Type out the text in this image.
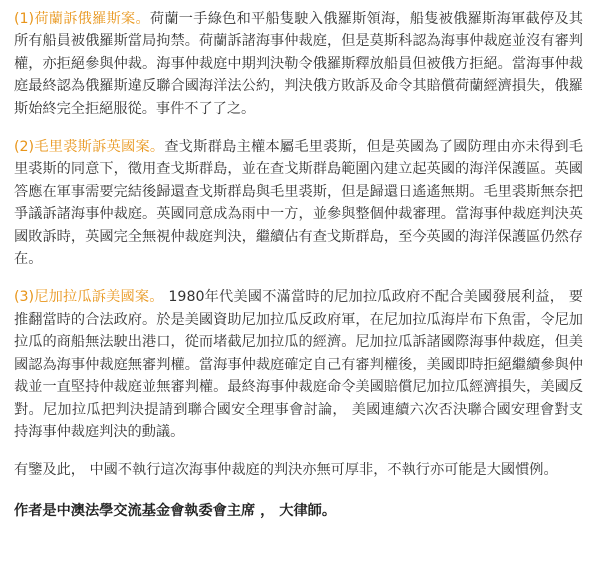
(1)荷蘭訴俄羅斯案。荷蘭一手綠色和平船隻駛入俄羅斯領海，船隻被俄羅斯海軍截停及其所有船員被俄羅斯當局拘禁。荷蘭訴諸海事仲裁庭，但是莫斯科認為海事仲裁庭並沒有審判權，亦拒絕參與仲裁。海事仲裁庭中期判決勒令俄羅斯釋放船員但被俄方拒絕。當海事仲裁庭最終認為俄羅斯違反聯合國海洋法公約，判決俄方敗訴及命令其賠償荷蘭經濟損失，俄羅斯始終完全拒絕服從。事件不了了之。

(2)毛里裘斯訴英國案。查戈斯群島主權本屬毛里裘斯，但是英國為了國防理由亦未得到毛里裘斯的同意下，徵用查戈斯群島，並在查戈斯群島範圍內建立起英國的海洋保護區。英國答應在軍事需要完結後歸還查戈斯群島與毛里裘斯，但是歸還日遙遙無期。毛里裘斯無奈把爭議訴諸海事仲裁庭。英國同意成為雨中一方，並參與整個仲裁審理。當海事仲裁庭判決英國敗訴時，英國完全無視仲裁庭判決，繼續佔有查戈斯群島，至今英國的海洋保護區仍然存在。

(3)尼加拉瓜訴美國案。 1980年代美國不滿當時的尼加拉瓜政府不配合美國發展利益， 要推翻當時的合法政府。於是美國資助尼加拉瓜反政府軍，在尼加拉瓜海岸布下魚雷，令尼加拉瓜的商船無法駛出港口，從而堵截尼加拉瓜的經濟。尼加拉瓜訴諸國際海事仲裁庭，但美國認為海事仲裁庭無審判權。當海事仲裁庭確定自己有審判權後，美國即時拒絕繼續參與仲裁並一直堅持仲裁庭並無審判權。最終海事仲裁庭命令美國賠償尼加拉瓜經濟損失，美國反對。尼加拉瓜把判決提請到聯合國安全理事會討論， 美國連續六次否決聯合國安理會對支持海事仲裁庭判決的動議。

有鑒及此， 中國不執行這次海事仲裁庭的判決亦無可厚非，不執行亦可能是大國慣例。

作者是中澳法學交流基金會執委會主席 ， 大律師。
